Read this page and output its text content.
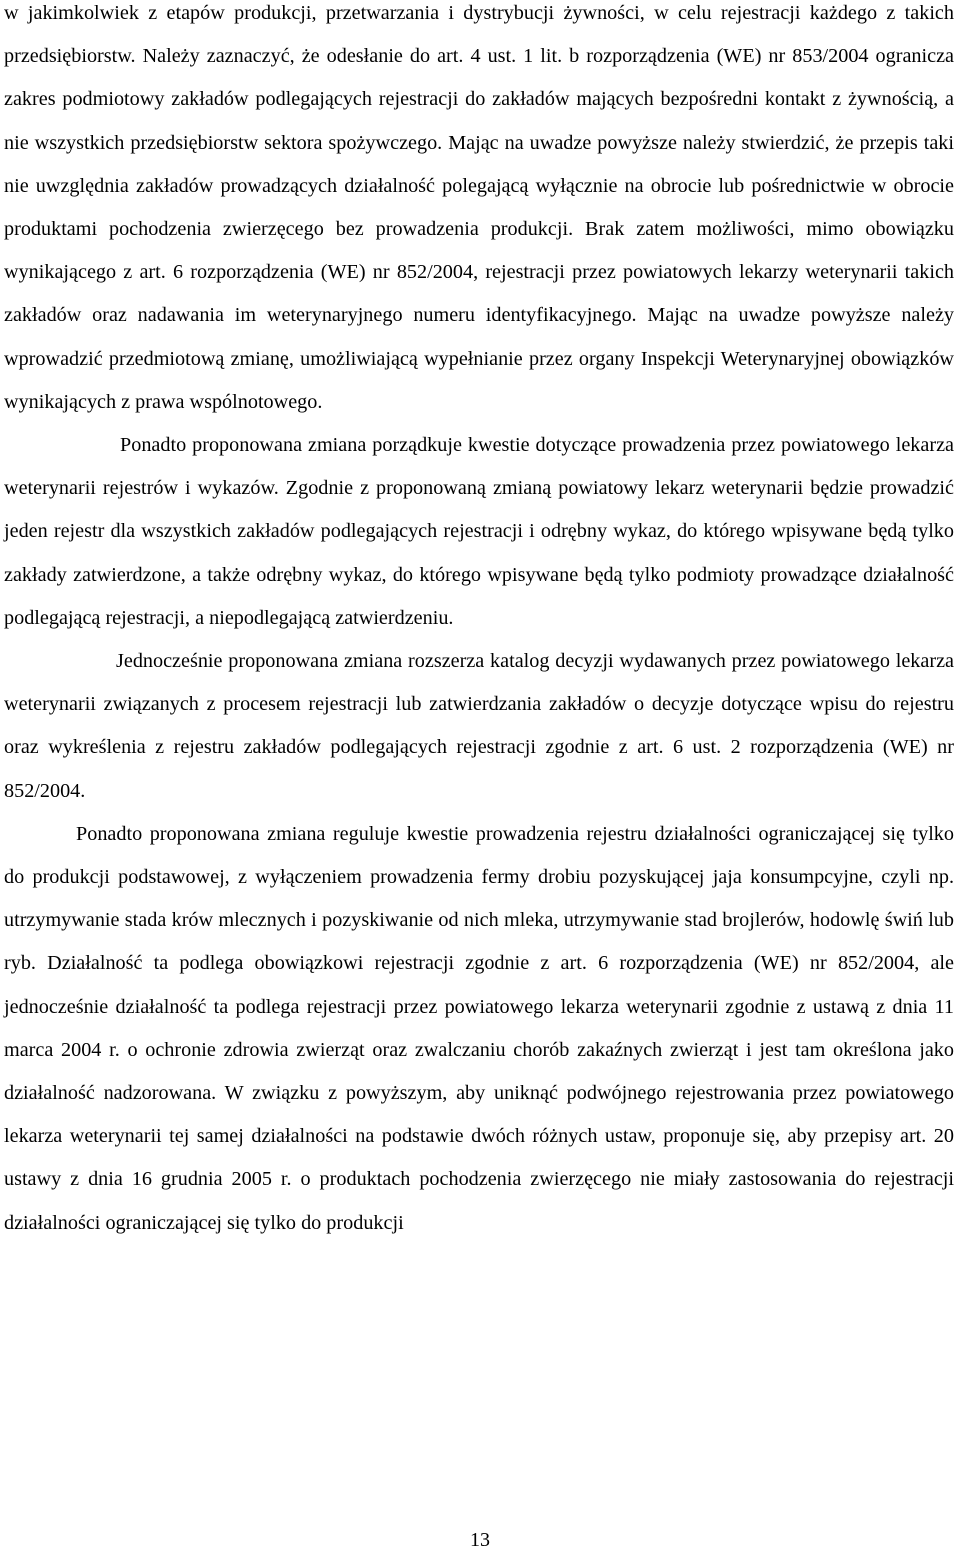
w jakimkolwiek z etapów produkcji, przetwarzania i dystrybucji żywności, w celu rejestracji każdego z takich przedsiębiorstw. Należy zaznaczyć, że odesłanie do art. 4 ust. 1 lit. b rozporządzenia (WE) nr 853/2004 ogranicza zakres podmiotowy zakładów podlegających rejestracji do zakładów mających bezpośredni kontakt z żywnością, a nie wszystkich przedsiębiorstw sektora spożywczego. Mając na uwadze powyższe należy stwierdzić, że przepis taki nie uwzględnia zakładów prowadzących działalność polegającą wyłącznie na obrocie lub pośrednictwie w obrocie produktami pochodzenia zwierzęcego bez prowadzenia produkcji. Brak zatem możliwości, mimo obowiązku wynikającego z art. 6 rozporządzenia (WE) nr 852/2004, rejestracji przez powiatowych lekarzy weterynarii takich zakładów oraz nadawania im weterynaryjnego numeru identyfikacyjnego. Mając na uwadze powyższe należy wprowadzić przedmiotową zmianę, umożliwiającą wypełnianie przez organy Inspekcji Weterynaryjnej obowiązków wynikających z prawa wspólnotowego.

Ponadto proponowana zmiana porządkuje kwestie dotyczące prowadzenia przez powiatowego lekarza weterynarii rejestrów i wykazów. Zgodnie z proponowaną zmianą powiatowy lekarz weterynarii będzie prowadzić jeden rejestr dla wszystkich zakładów podlegających rejestracji i odrębny wykaz, do którego wpisywane będą tylko zakłady zatwierdzone, a także odrębny wykaz, do którego wpisywane będą tylko podmioty prowadzące działalność podlegającą rejestracji, a niepodlegającą zatwierdzeniu.

Jednocześnie proponowana zmiana rozszerza katalog decyzji wydawanych przez powiatowego lekarza weterynarii związanych z procesem rejestracji lub zatwierdzania zakładów o decyzje dotyczące wpisu do rejestru oraz wykreślenia z rejestru zakładów podlegających rejestracji zgodnie z art. 6 ust. 2 rozporządzenia (WE) nr 852/2004.

Ponadto proponowana zmiana reguluje kwestie prowadzenia rejestru działalności ograniczającej się tylko do produkcji podstawowej, z wyłączeniem prowadzenia fermy drobiu pozyskującej jaja konsumpcyjne, czyli np. utrzymywanie stada krów mlecznych i pozyskiwanie od nich mleka, utrzymywanie stad brojlerów, hodowlę świń lub ryb. Działalność ta podlega obowiązkowi rejestracji zgodnie z art. 6 rozporządzenia (WE) nr 852/2004, ale jednocześnie działalność ta podlega rejestracji przez powiatowego lekarza weterynarii zgodnie z ustawą z dnia 11 marca 2004 r. o ochronie zdrowia zwierząt oraz zwalczaniu chorób zakaźnych zwierząt i jest tam określona jako działalność nadzorowana. W związku z powyższym, aby uniknąć podwójnego rejestrowania przez powiatowego lekarza weterynarii tej samej działalności na podstawie dwóch różnych ustaw, proponuje się, aby przepisy art. 20 ustawy z dnia 16 grudnia 2005 r. o produktach pochodzenia zwierzęcego nie miały zastosowania do rejestracji działalności ograniczającej się tylko do produkcji

13
